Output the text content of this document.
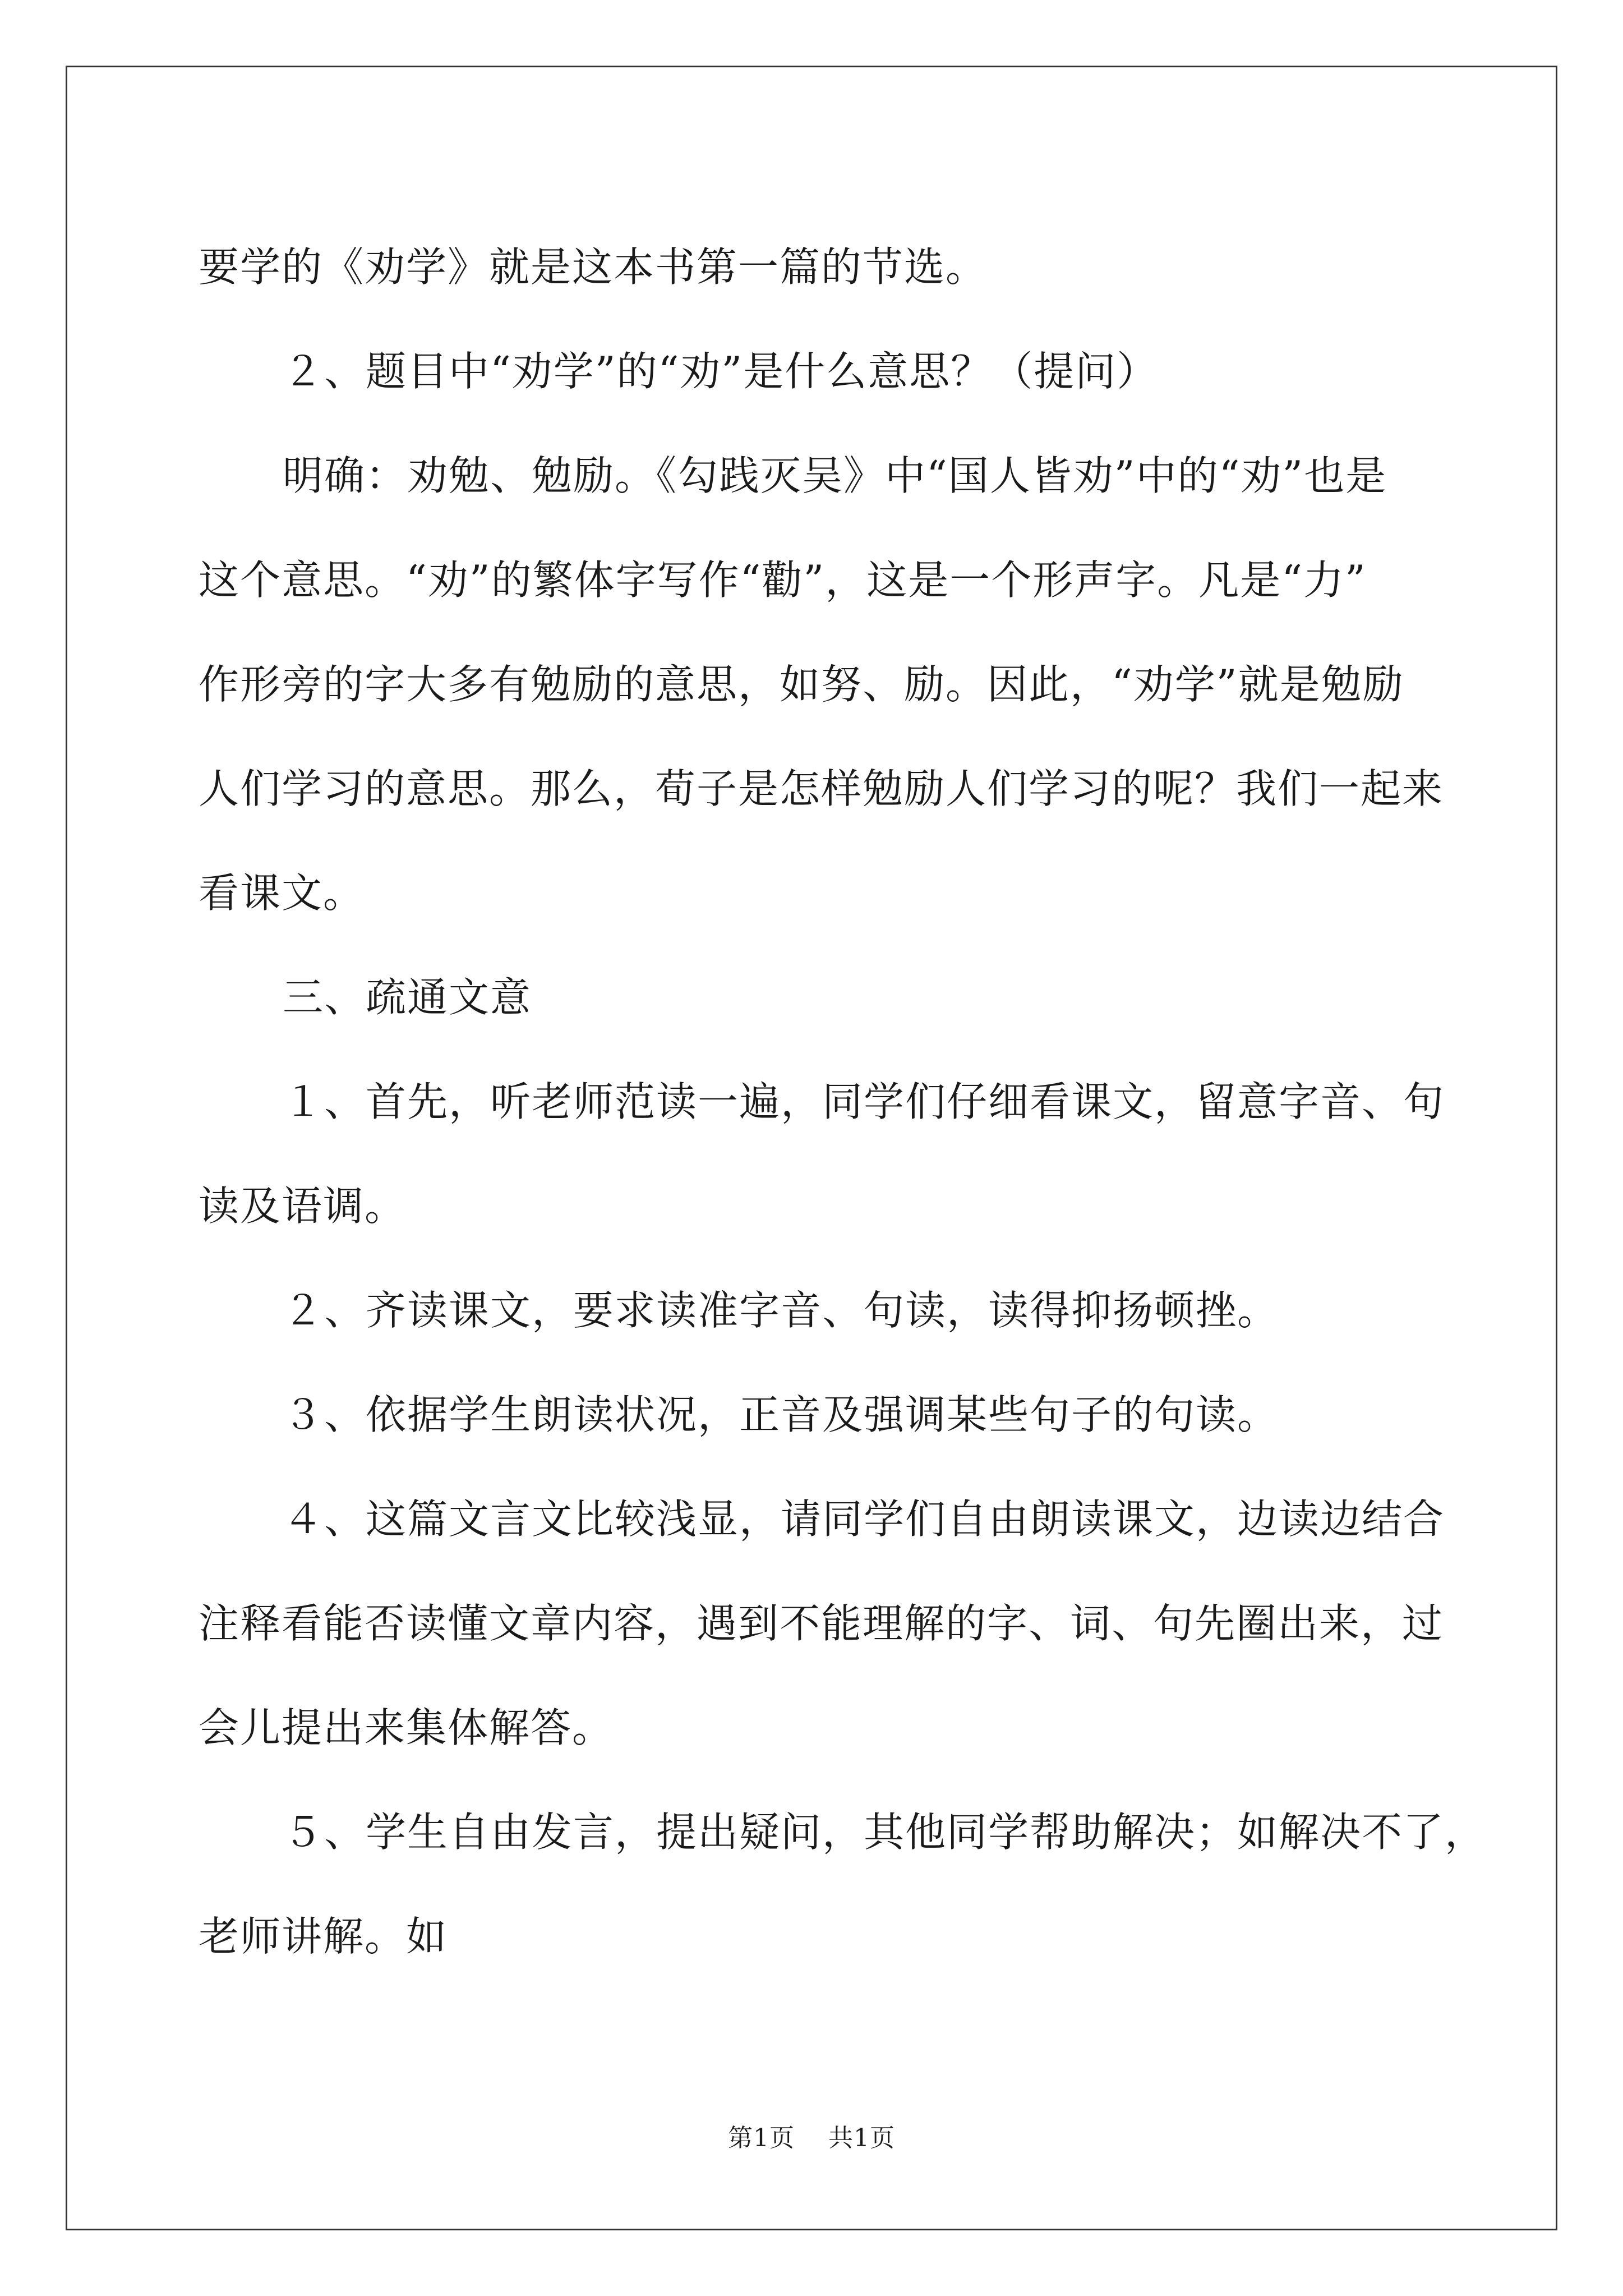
要学的《劝学》就是这本书第一篇的节选。

２、题目中“劝学”的“劝”是什么意思？（提问）

明确：劝勉、勉励。《勾践灭吴》中“国人皆劝”中的“劝”也是

这个意思。“劝”的繁体字写作“勸”，这是一个形声字。凡是“力”

作形旁的字大多有勉励的意思，如努、励。因此，“劝学”就是勉励

人们学习的意思。那么，荀子是怎样勉励人们学习的呢？我们一起来

看课文。

三、疏通文意

１、首先，听老师范读一遍，同学们仔细看课文，留意字音、句

读及语调。

２、齐读课文，要求读准字音、句读，读得抑扬顿挫。

３、依据学生朗读状况，正音及强调某些句子的句读。

４、这篇文言文比较浅显，请同学们自由朗读课文，边读边结合

注释看能否读懂文章内容，遇到不能理解的字、词、句先圈出来，过

会儿提出来集体解答。

５、学生自由发言，提出疑问，其他同学帮助解决；如解决不了，

老师讲解。如

第1页 共1页
